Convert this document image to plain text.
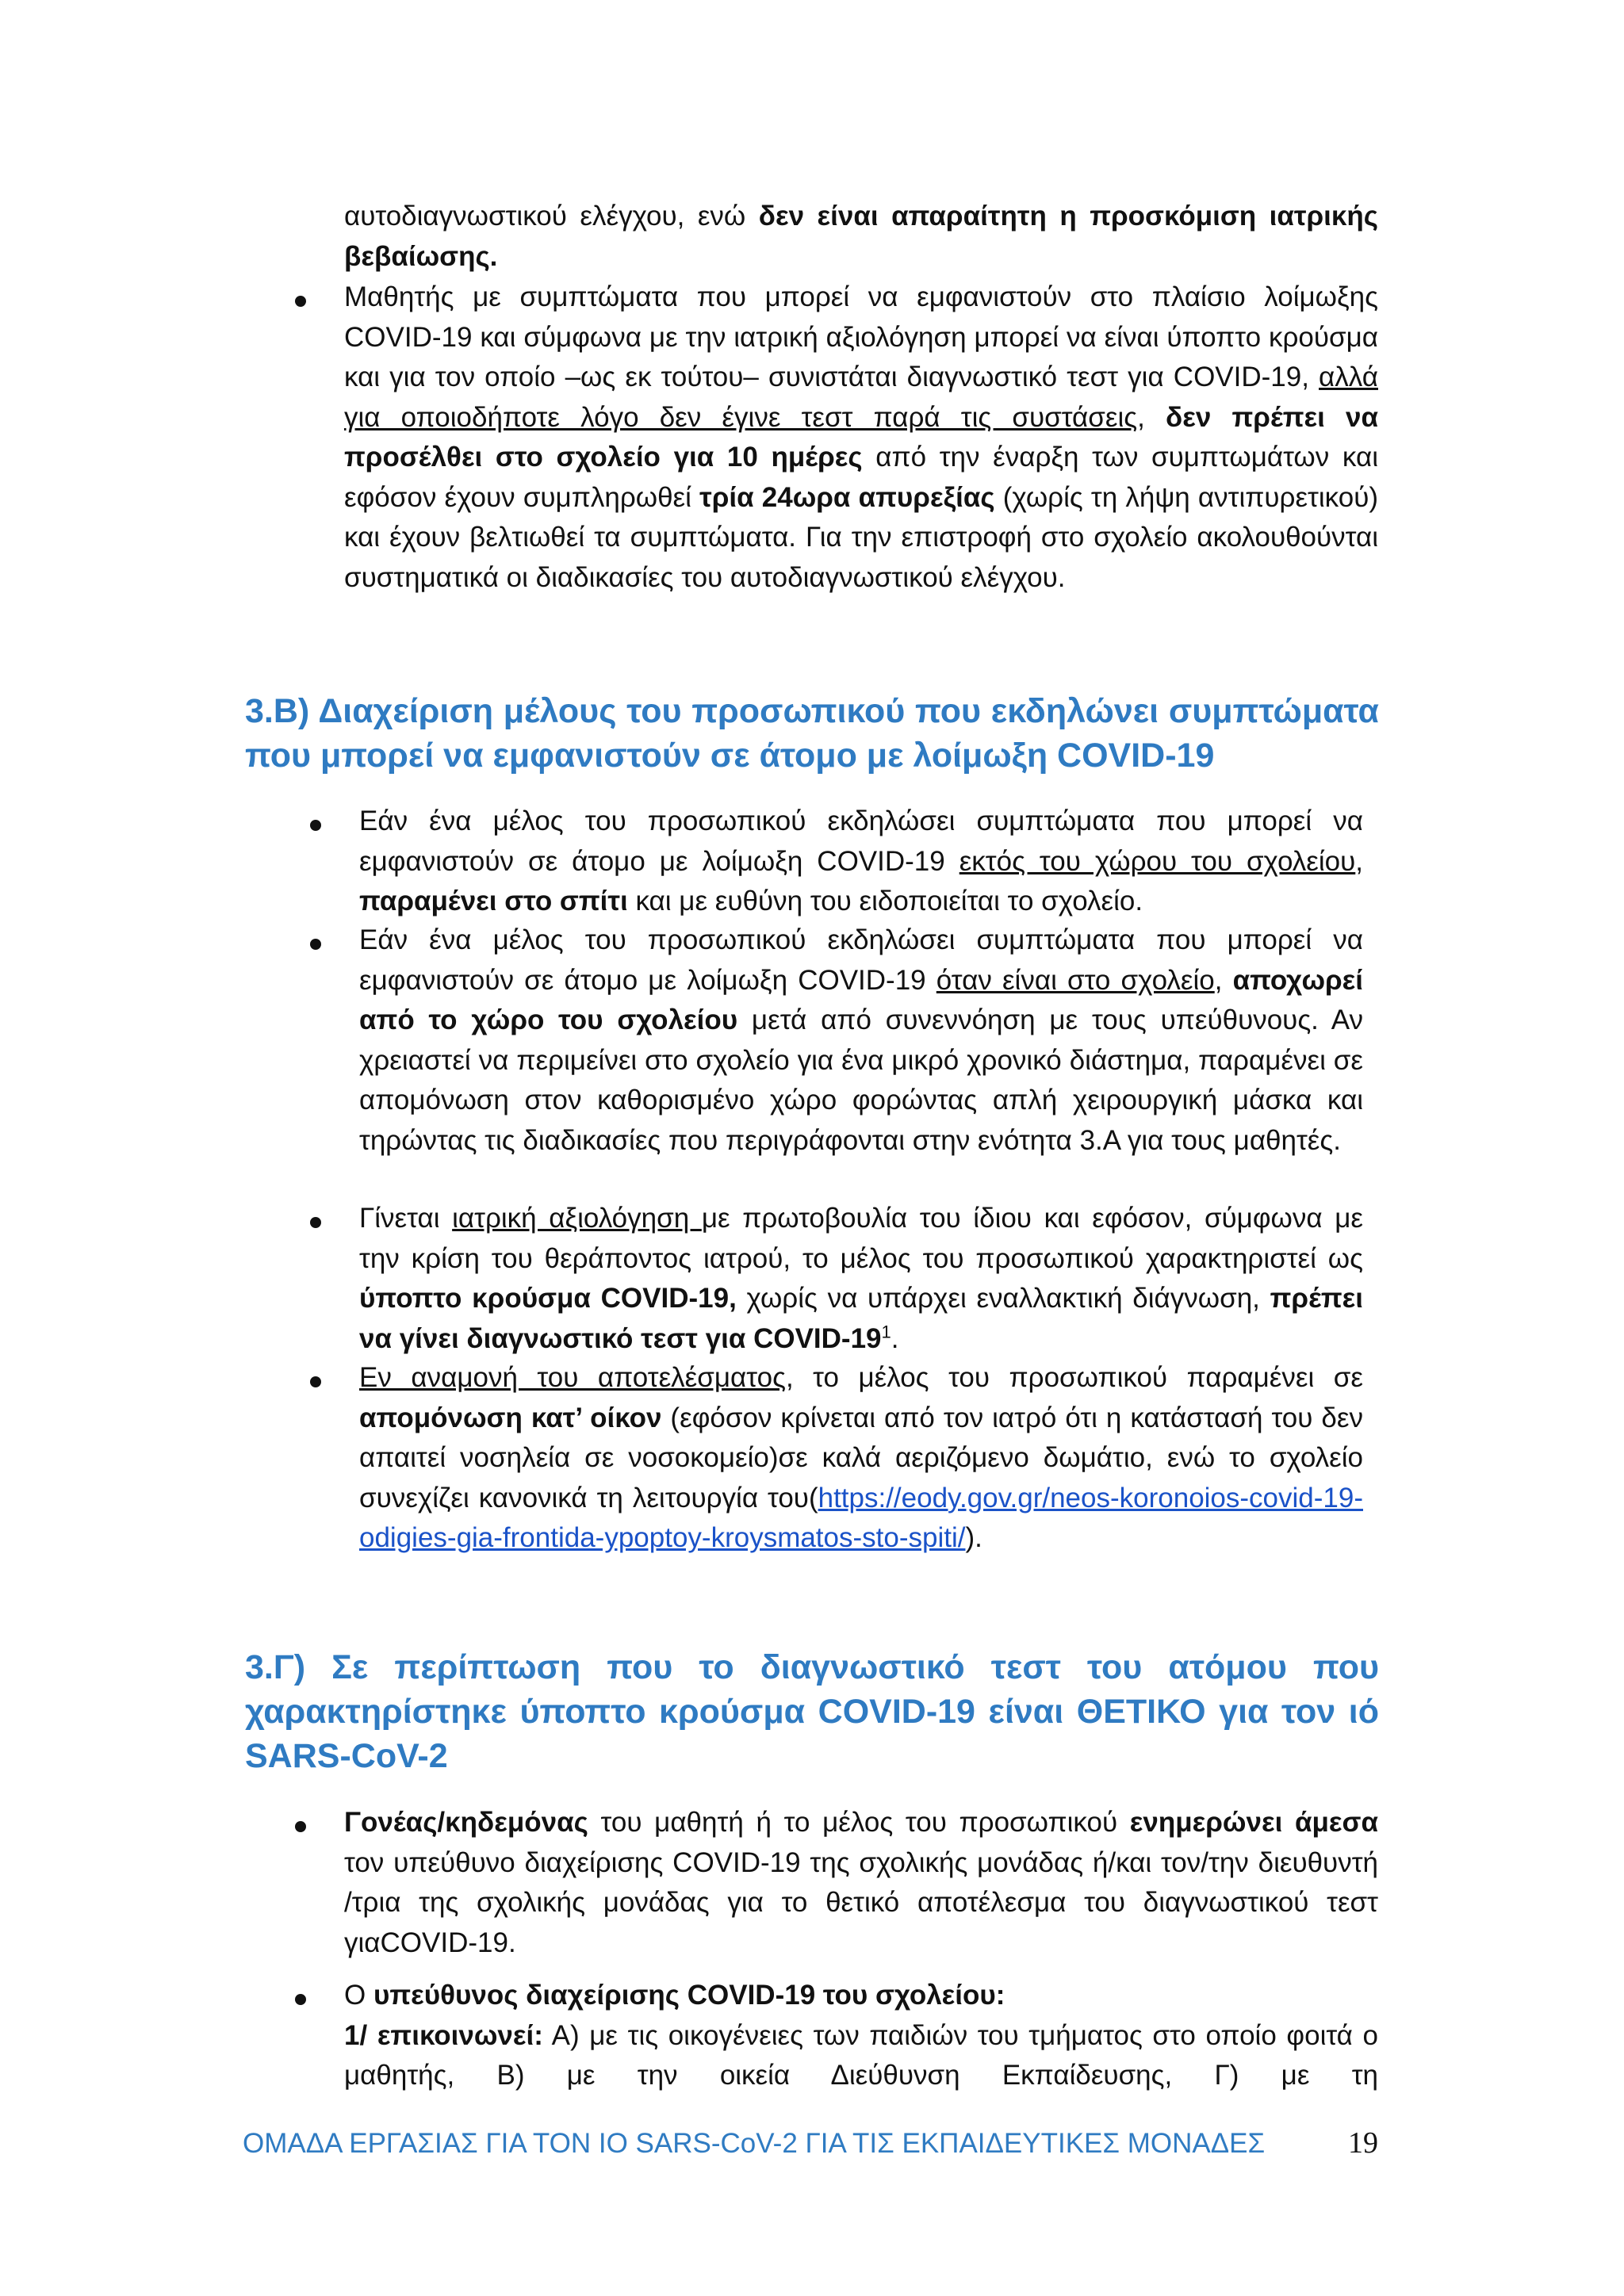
αυτοδιαγνωστικού ελέγχου, ενώ δεν είναι απαραίτητη η προσκόμιση ιατρικής βεβαίωσης.

Μαθητής με συμπτώματα που μπορεί να εμφανιστούν στο πλαίσιο λοίμωξης COVID-19 και σύμφωνα με την ιατρική αξιολόγηση μπορεί να είναι ύποπτο κρούσμα και για τον οποίο –ως εκ τούτου– συνιστάται διαγνωστικό τεστ για COVID-19, αλλά για οποιοδήποτε λόγο δεν έγινε τεστ παρά τις συστάσεις, δεν πρέπει να προσέλθει στο σχολείο για 10 ημέρες από την έναρξη των συμπτωμάτων και εφόσον έχουν συμπληρωθεί τρία 24ωρα απυρεξίας (χωρίς τη λήψη αντιπυρετικού) και έχουν βελτιωθεί τα συμπτώματα. Για την επιστροφή στο σχολείο ακολουθούνται συστηματικά οι διαδικασίες του αυτοδιαγνωστικού ελέγχου.

3.Β) Διαχείριση μέλους του προσωπικού που εκδηλώνει συμπτώματα που μπορεί να εμφανιστούν σε άτομο με λοίμωξη COVID-19

Εάν ένα μέλος του προσωπικού εκδηλώσει συμπτώματα που μπορεί να εμφανιστούν σε άτομο με λοίμωξη COVID-19 εκτός του χώρου του σχολείου, παραμένει στο σπίτι και με ευθύνη του ειδοποιείται το σχολείο.

Εάν ένα μέλος του προσωπικού εκδηλώσει συμπτώματα που μπορεί να εμφανιστούν σε άτομο με λοίμωξη COVID-19 όταν είναι στο σχολείο, αποχωρεί από το χώρο του σχολείου μετά από συνεννόηση με τους υπεύθυνους. Αν χρειαστεί να περιμείνει στο σχολείο για ένα μικρό χρονικό διάστημα, παραμένει σε απομόνωση στον καθορισμένο χώρο φορώντας απλή χειρουργική μάσκα και τηρώντας τις διαδικασίες που περιγράφονται στην ενότητα 3.Α για τους μαθητές.

Γίνεται ιατρική αξιολόγηση με πρωτοβουλία του ίδιου και εφόσον, σύμφωνα με την κρίση του θεράποντος ιατρού, το μέλος του προσωπικού χαρακτηριστεί ως ύποπτο κρούσμα COVID-19, χωρίς να υπάρχει εναλλακτική διάγνωση, πρέπει να γίνει διαγνωστικό τεστ για COVID-$19^1$.

Εν αναμονή του αποτελέσματος, το μέλος του προσωπικού παραμένει σε απομόνωση κατ’ οίκον (εφόσον κρίνεται από τον ιατρό ότι η κατάστασή του δεν απαιτεί νοσηλεία σε νοσοκομείο)σε καλά αεριζόμενο δωμάτιο, ενώ το σχολείο συνεχίζει κανονικά τη λειτουργία του(https://eody.gov.gr/neos-koronoios-covid-19-odigies-gia-frontida-ypoptoy-kroysmatos-sto-spiti/).

3.Γ) Σε περίπτωση που το διαγνωστικό τεστ του ατόμου που χαρακτηρίστηκε ύποπτο κρούσμα COVID-19 είναι ΘΕΤΙΚΟ για τον ιό SARS-CoV-2

Γονέας/κηδεμόνας του μαθητή ή το μέλος του προσωπικού ενημερώνει άμεσα τον υπεύθυνο διαχείρισης COVID-19 της σχολικής μονάδας ή/και τον/την διευθυντή /τρια της σχολικής μονάδας για το θετικό αποτέλεσμα του διαγνωστικού τεστ γιαCOVID-19.

Ο υπεύθυνος διαχείρισης COVID-19 του σχολείου:

1/ επικοινωνεί: Α) με τις οικογένειες των παιδιών του τμήματος στο οποίο φοιτά ο μαθητής, Β) με την οικεία Διεύθυνση Εκπαίδευσης, Γ) με τη

ΟΜΑΔΑ ΕΡΓΑΣΙΑΣ ΓΙΑ ΤΟΝ ΙΟ SARS-CoV-2 ΓΙΑ ΤΙΣ ΕΚΠΑΙΔΕΥΤΙΚΕΣ ΜΟΝΑΔΕΣ	19
